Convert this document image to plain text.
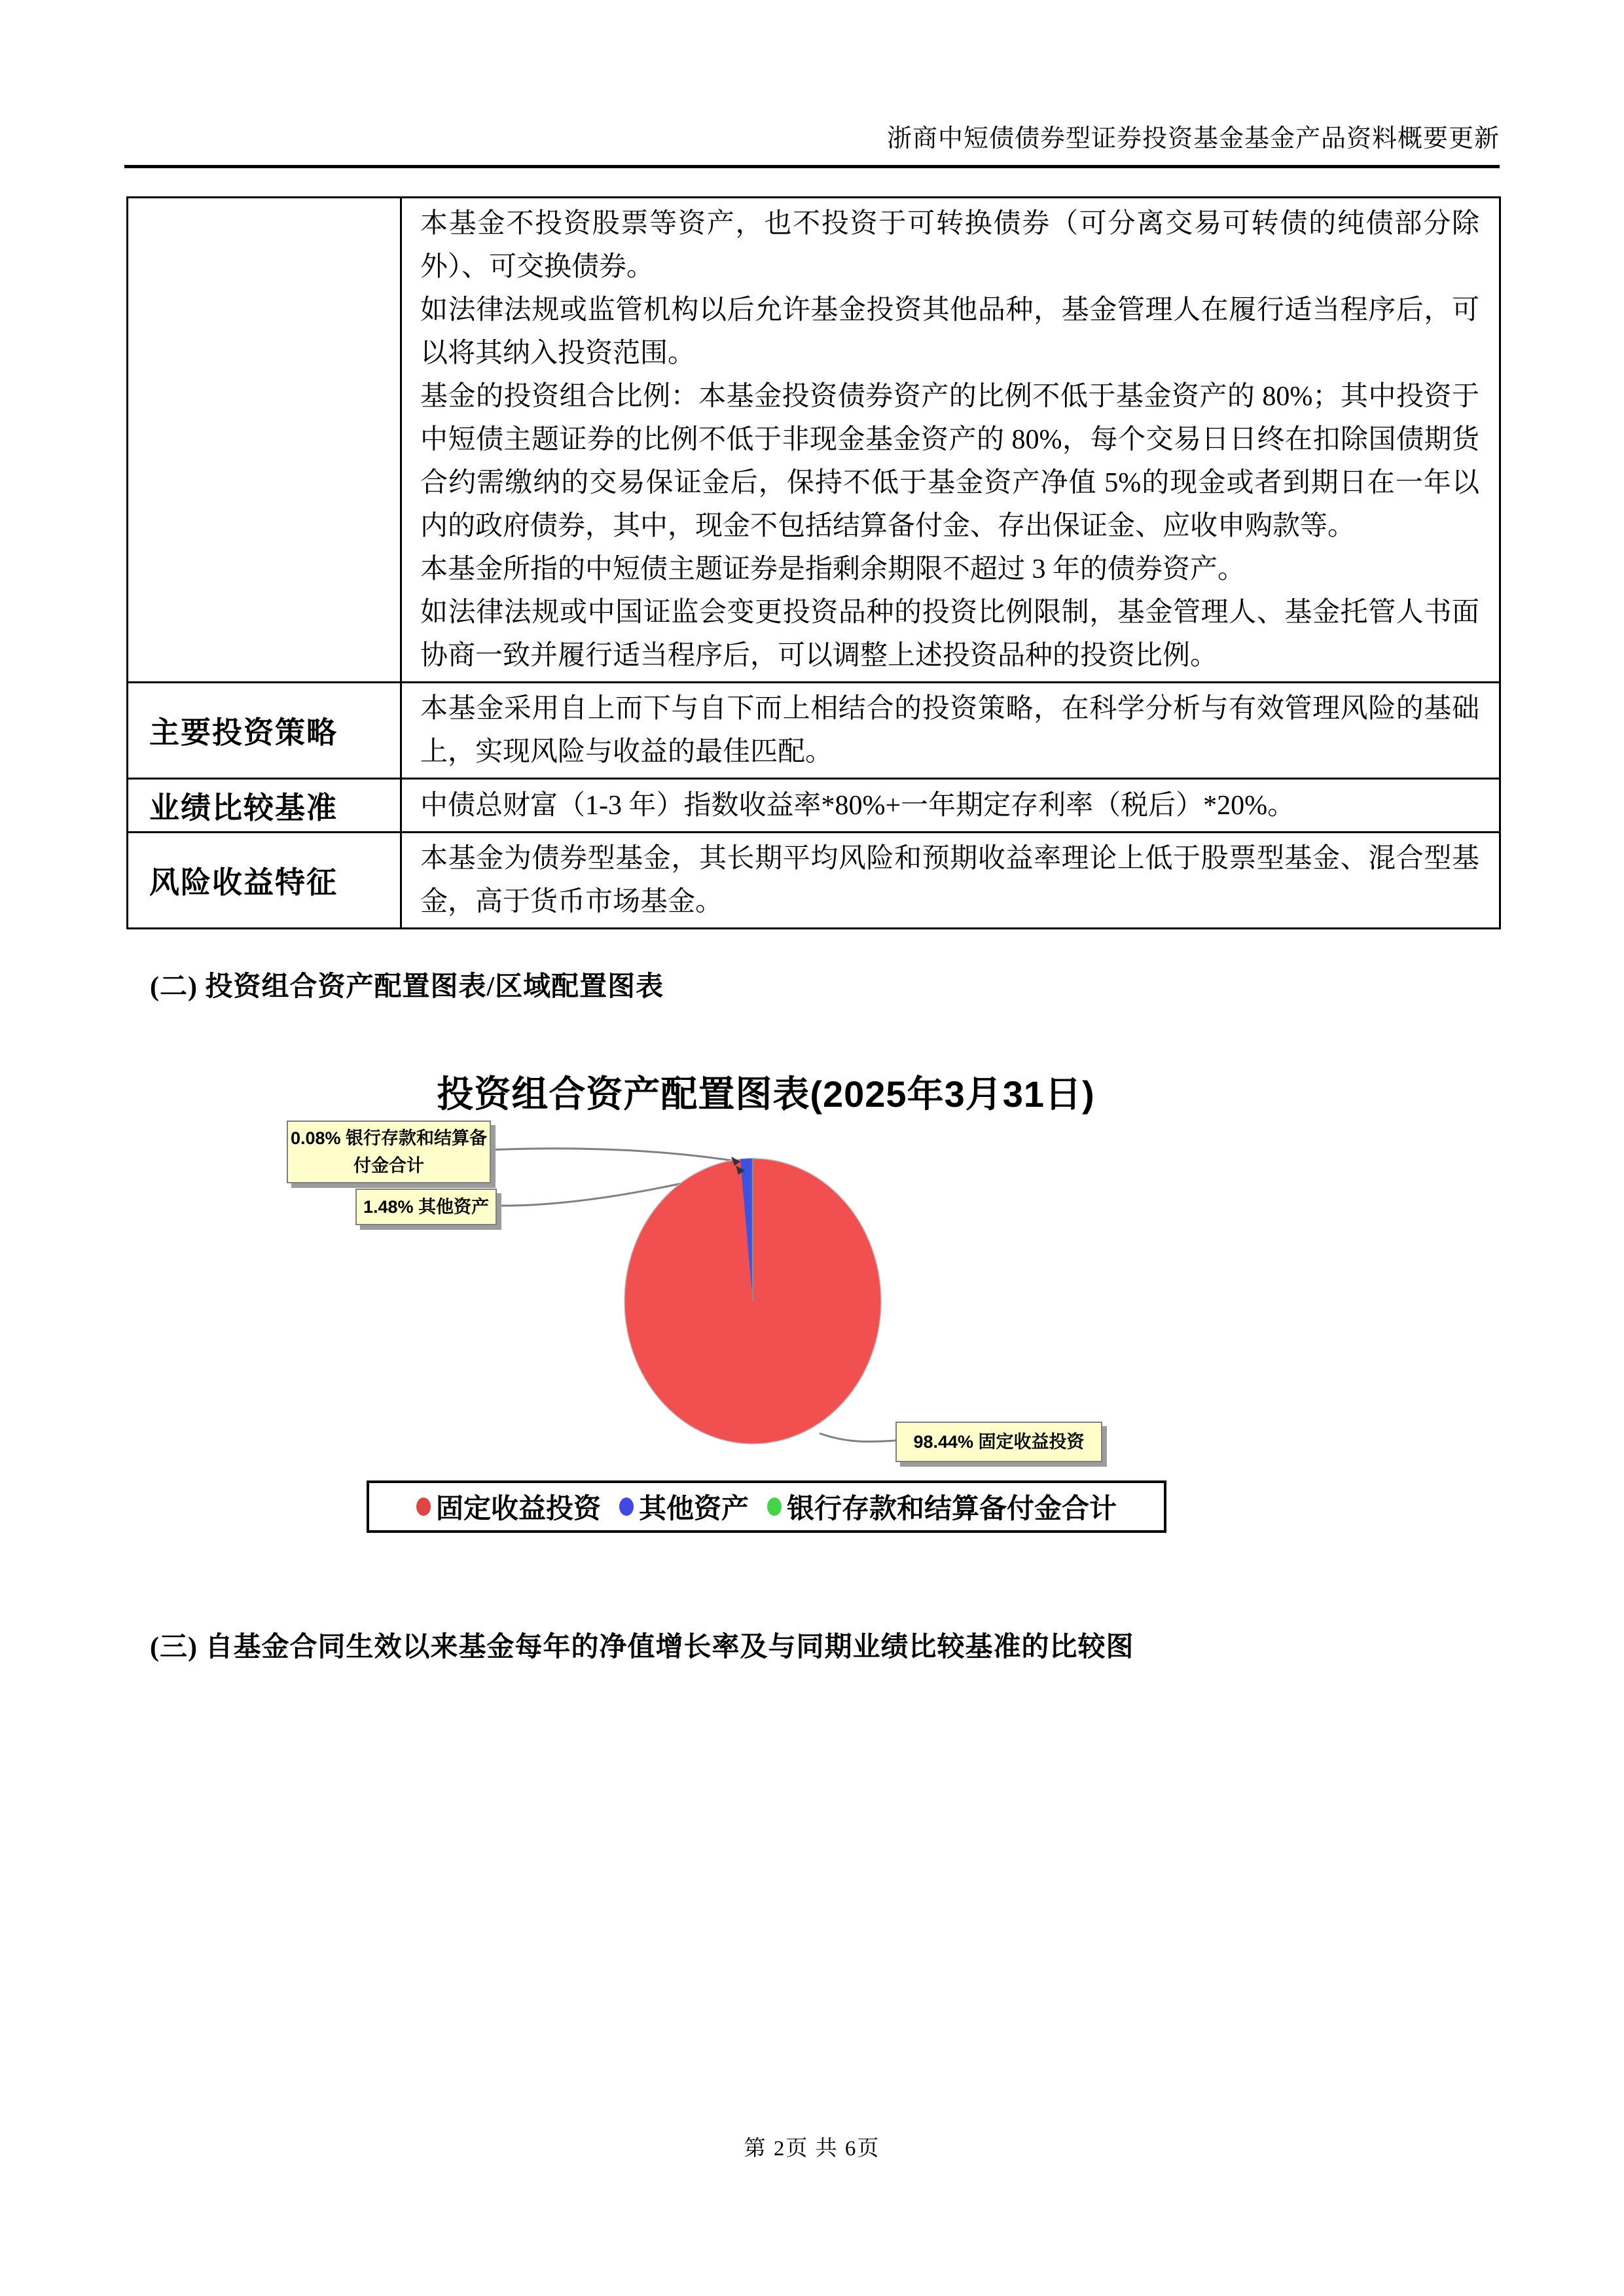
浙商中短债债券型证券投资基金基金产品资料概要更新

	本基金不投资股票等资产，也不投资于可转换债券（可分离交易可转债的纯债部分除外）、可交换债券。

如法律法规或监管机构以后允许基金投资其他品种，基金管理人在履行适当程序后，可以将其纳入投资范围。

基金的投资组合比例：本基金投资债券资产的比例不低于基金资产的 80%；其中投资于中短债主题证券的比例不低于非现金基金资产的 80%，每个交易日日终在扣除国债期货合约需缴纳的交易保证金后，保持不低于基金资产净值 5%的现金或者到期日在一年以内的政府债券，其中，现金不包括结算备付金、存出保证金、应收申购款等。

本基金所指的中短债主题证券是指剩余期限不超过 3 年的债券资产。

如法律法规或中国证监会变更投资品种的投资比例限制，基金管理人、基金托管人书面协商一致并履行适当程序后，可以调整上述投资品种的投资比例。

主要投资策略	本基金采用自上而下与自下而上相结合的投资策略，在科学分析与有效管理风险的基础上，实现风险与收益的最佳匹配。

业绩比较基准	中债总财富（1-3 年）指数收益率*80%+一年期定存利率（税后）*20%。

风险收益特征	本基金为债券型基金，其长期平均风险和预期收益率理论上低于股票型基金、混合型基金，高于货币市场基金。

(二) 投资组合资产配置图表/区域配置图表
投资组合资产配置图表(2025年3月31日)
0.08% 银行存款和结算备
付金合计
1.48% 其他资产
98.44% 固定收益投资
固定收益投资 其他资产 银行存款和结算备付金合计
(三) 自基金合同生效以来基金每年的净值增长率及与同期业绩比较基准的比较图
第 2页 共 6页
